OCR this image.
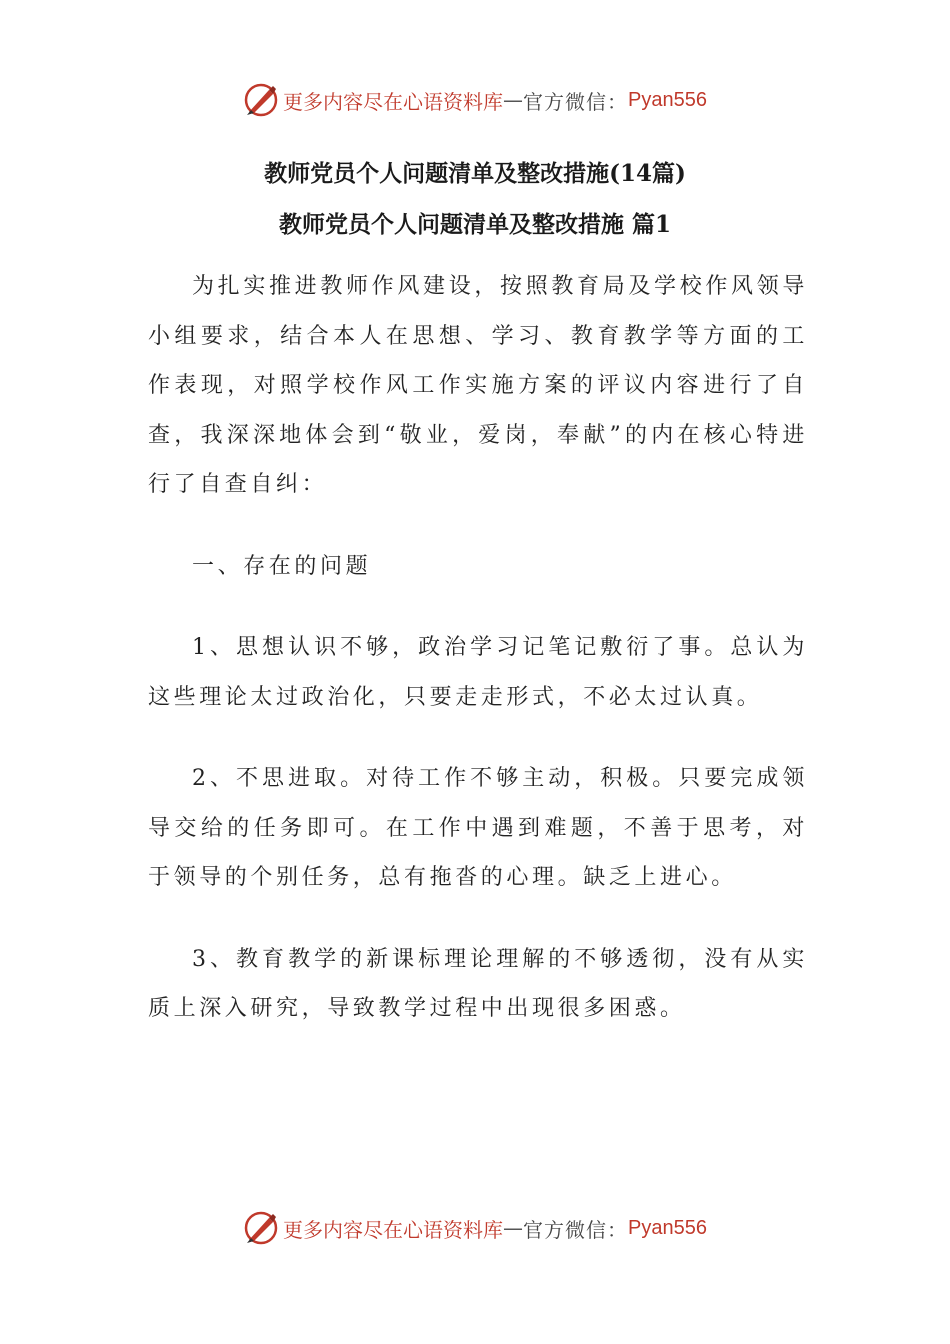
更多内容尽在心语资料库 — 官方微信： Pyan556
教师党员个人问题清单及整改措施(14篇)
教师党员个人问题清单及整改措施 篇1

为扎实推进教师作风建设，按照教育局及学校作风领导小组要求，结合本人在思想、学习、教育教学等方面的工作表现，对照学校作风工作实施方案的评议内容进行了自查，我深深地体会到“敬业，爱岗，奉献”的内在核心特进行了自查自纠：

一、存在的问题

1、思想认识不够，政治学习记笔记敷衍了事。总认为这些理论太过政治化，只要走走形式，不必太过认真。

2、不思进取。对待工作不够主动，积极。只要完成领导交给的任务即可。在工作中遇到难题，不善于思考，对于领导的个别任务，总有拖沓的心理。缺乏上进心。

3、教育教学的新课标理论理解的不够透彻，没有从实质上深入研究，导致教学过程中出现很多困惑。

更多内容尽在心语资料库 — 官方微信： Pyan556
